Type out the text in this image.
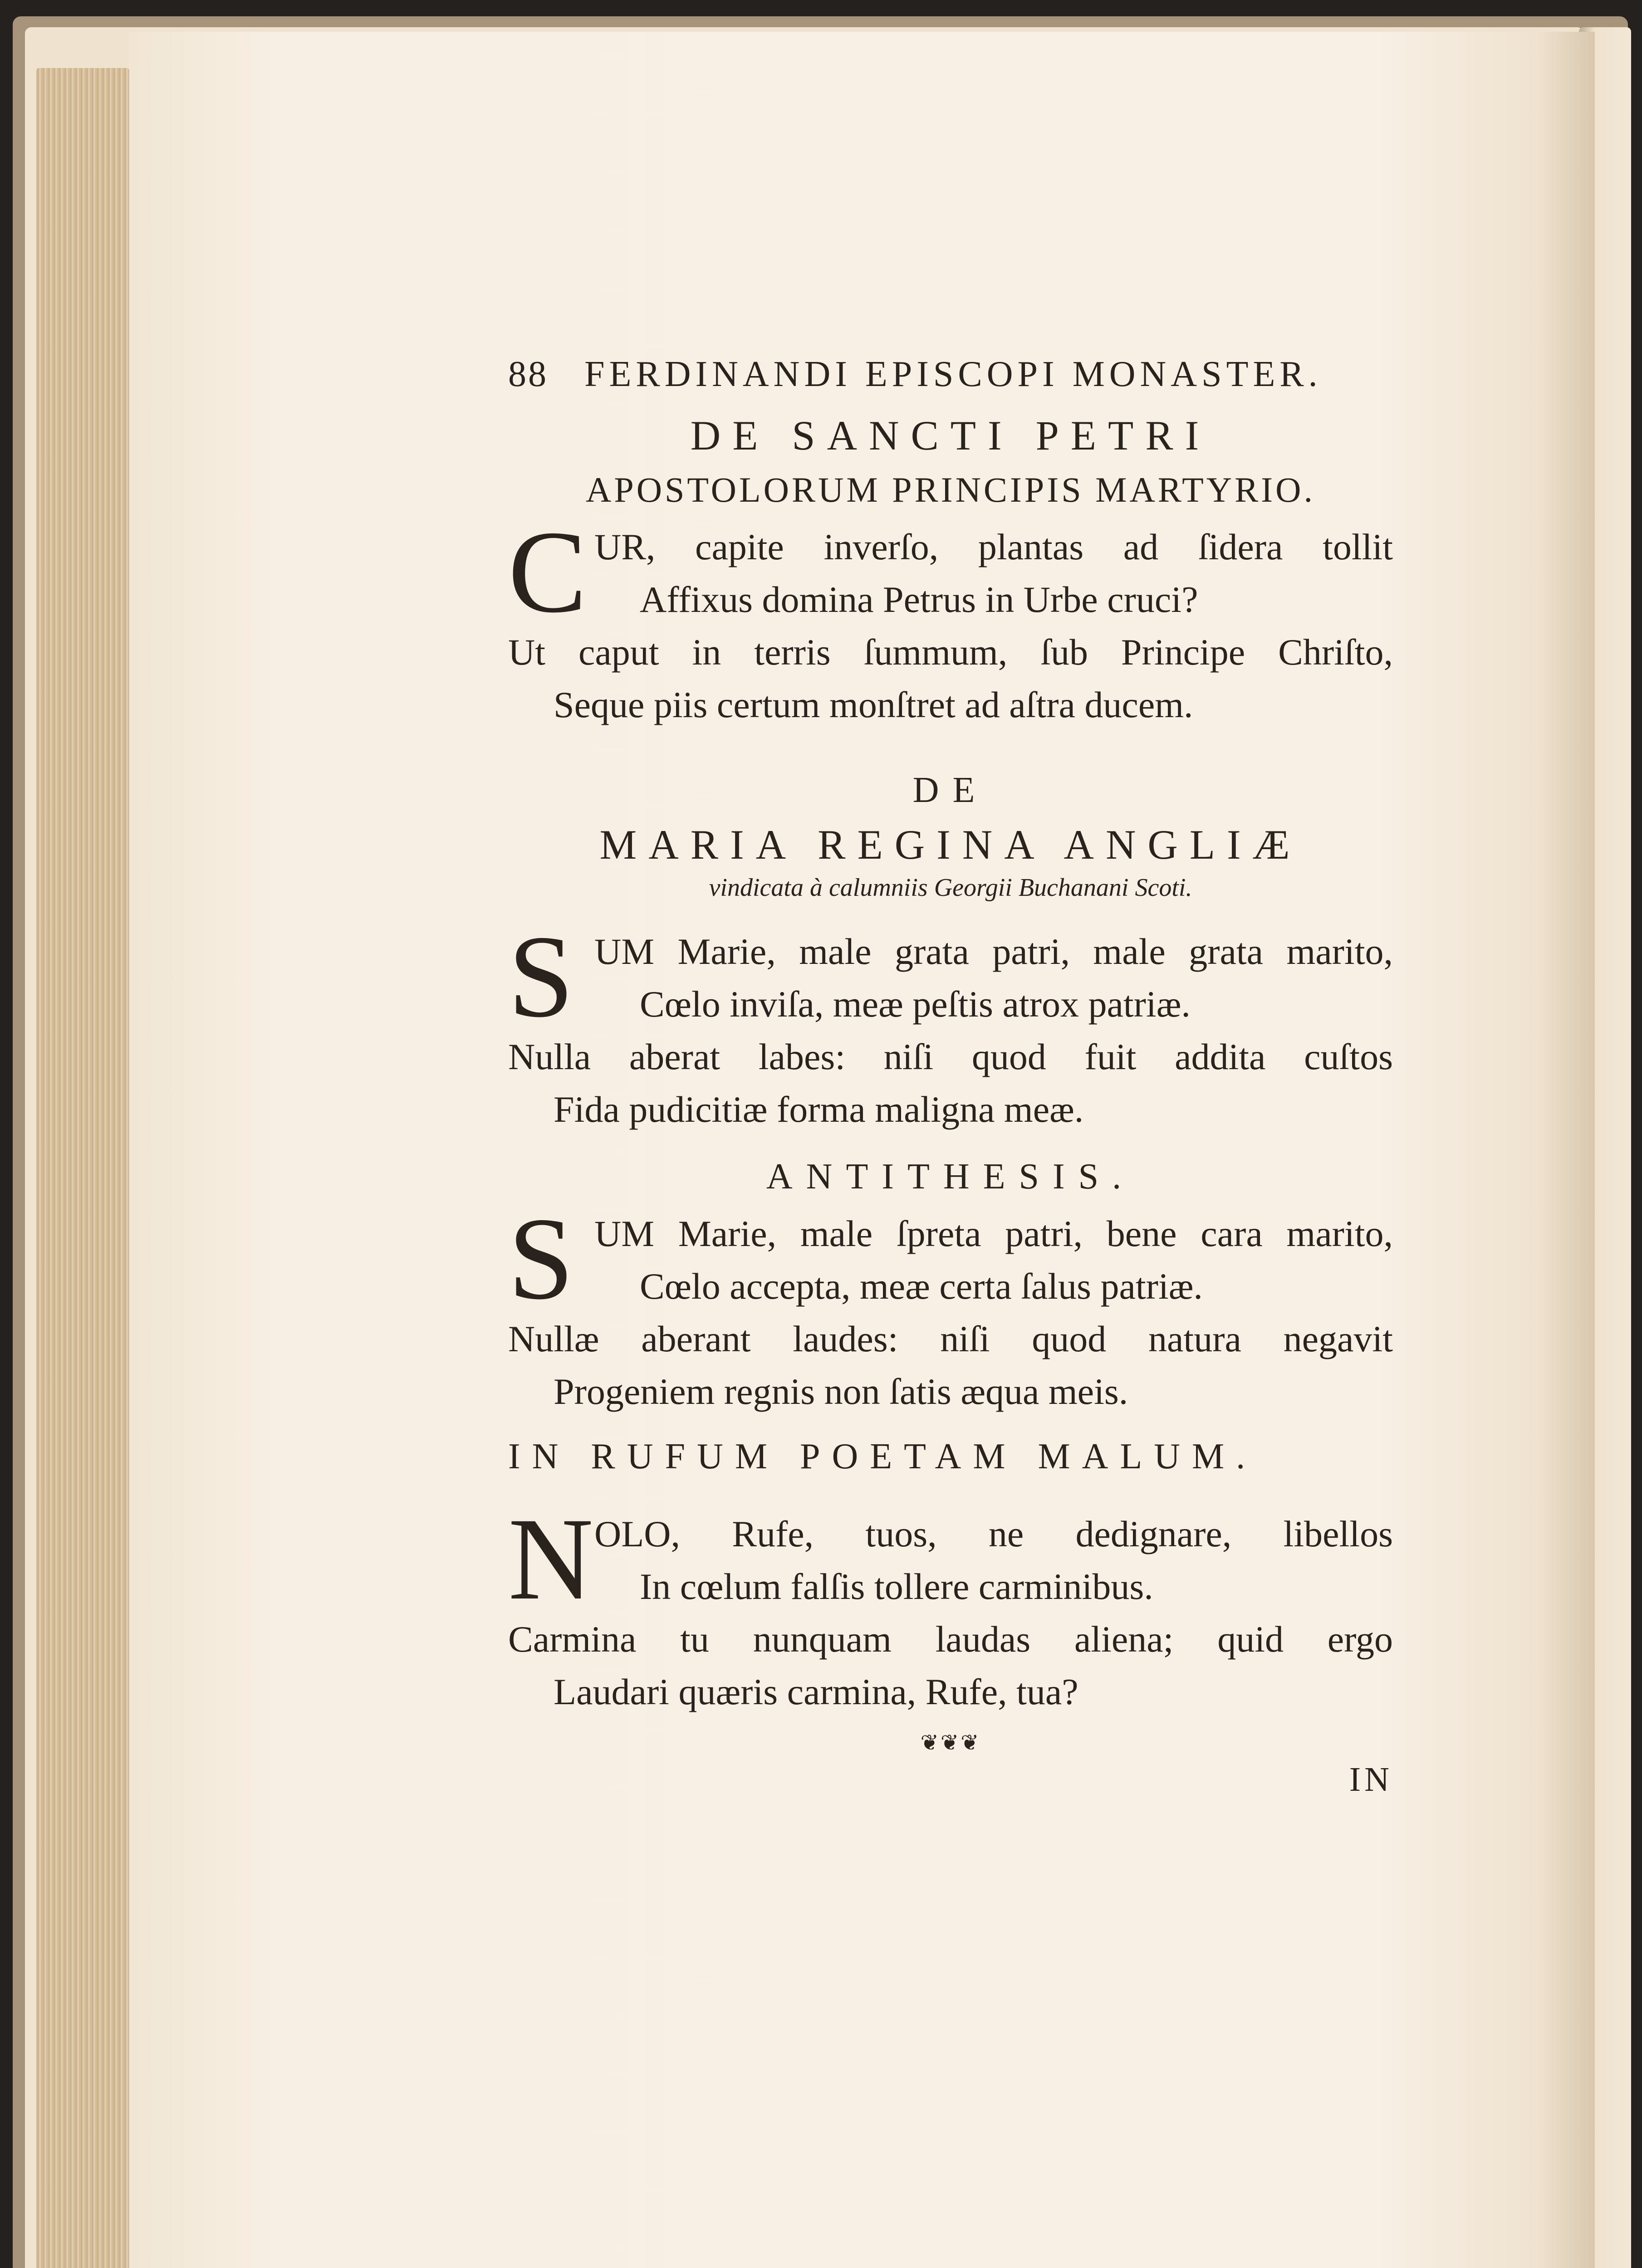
88 FERDINANDI EPISCOPI MONASTER.
DE SANCTI PETRI
APOSTOLORUM PRINCIPIS MARTYRIO.
C UR, capite inverſo, plantas ad ſidera tollit
Affixus domina Petrus in Urbe cruci?
Ut caput in terris ſummum, ſub Principe Chriſto,
Seque piis certum monſtret ad aſtra ducem.
DE
MARIA REGINA ANGLIÆ
vindicata à calumniis Georgii Buchanani Scoti.
S UM Marie, male grata patri, male grata marito,
Cœlo inviſa, meæ peſtis atrox patriæ.
Nulla aberat labes: niſi quod fuit addita cuſtos
Fida pudicitiæ forma maligna meæ.
ANTITHESIS.
S UM Marie, male ſpreta patri, bene cara marito,
Cœlo accepta, meæ certa ſalus patriæ.
Nullæ aberant laudes: niſi quod natura negavit
Progeniem regnis non ſatis æqua meis.
IN RUFUM POETAM MALUM.
N OLO, Rufe, tuos, ne dedignare, libellos
In cœlum falſis tollere carminibus.
Carmina tu nunquam laudas aliena; quid ergo
Laudari quæris carmina, Rufe, tua?
❦❦❦
IN
